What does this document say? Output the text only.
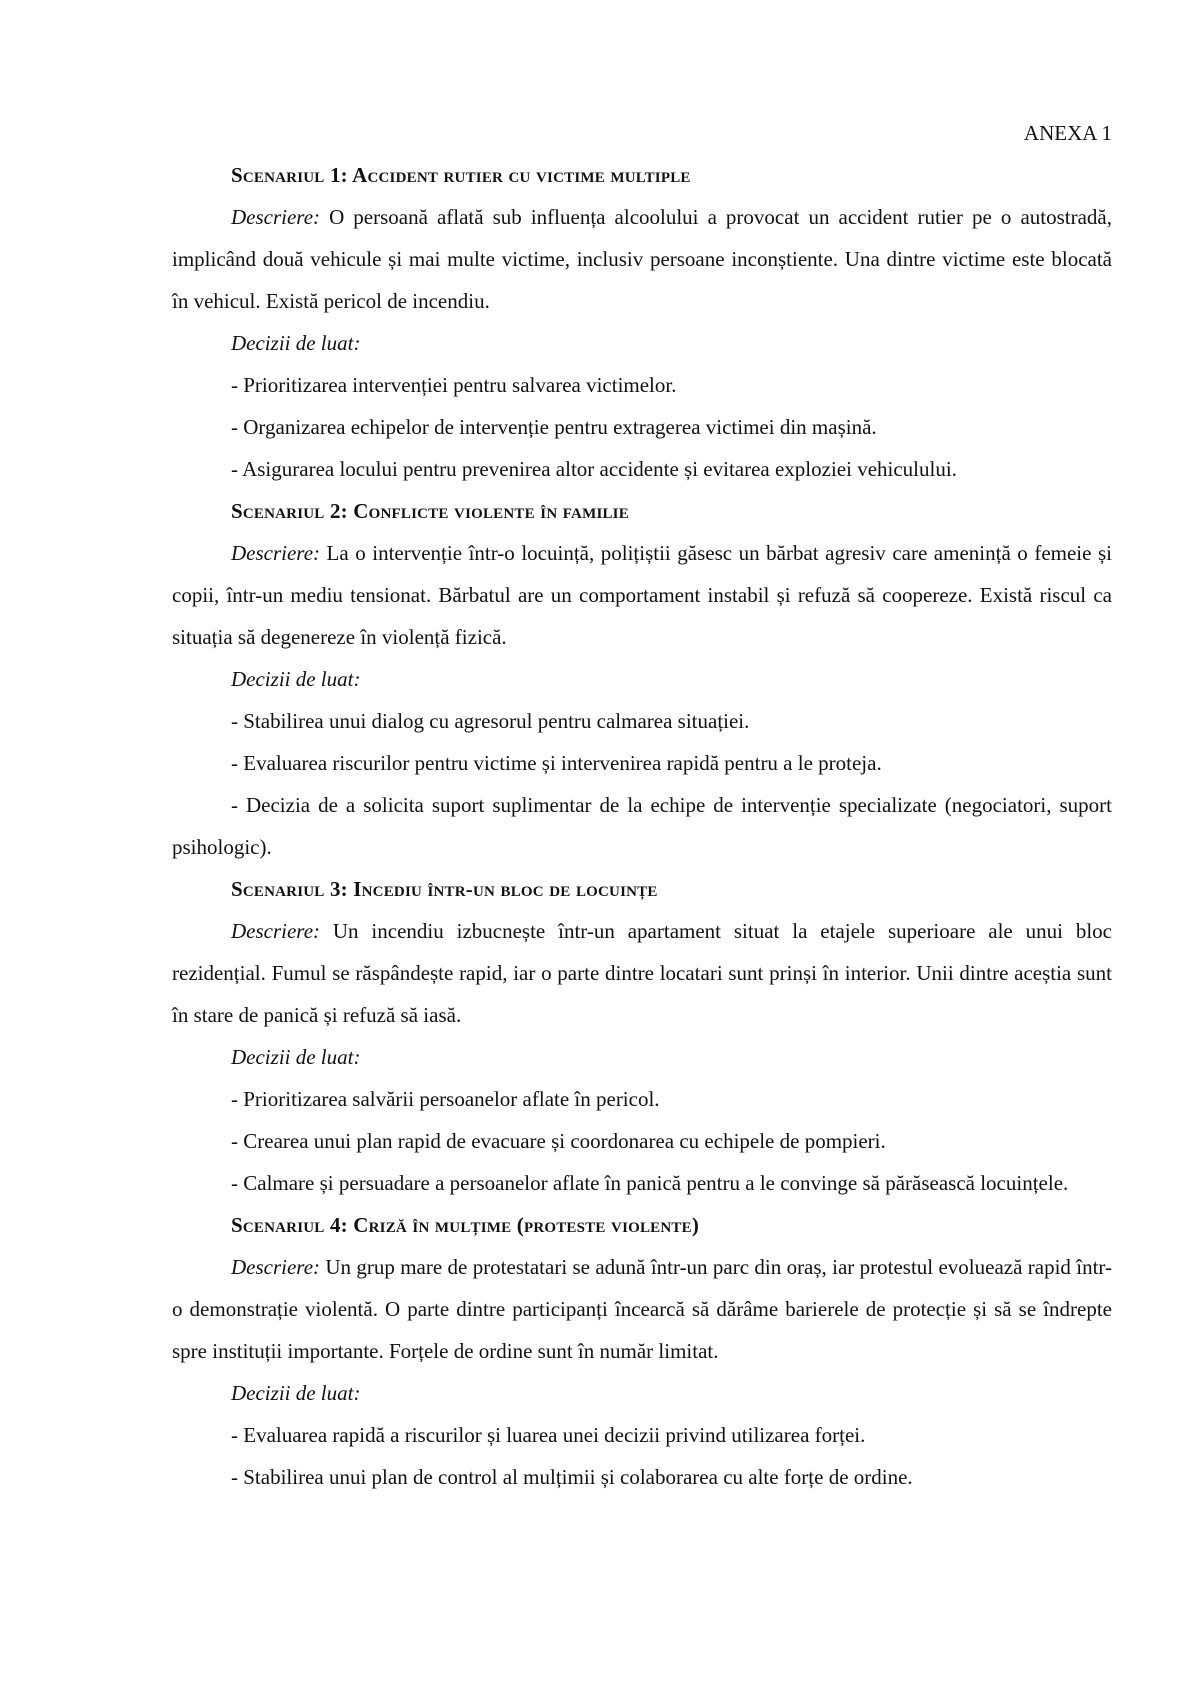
ANEXA 1

Scenariul 1: Accident rutier cu victime multiple

Descriere: O persoană aflată sub influența alcoolului a provocat un accident rutier pe o autostradă, implicând două vehicule și mai multe victime, inclusiv persoane inconștiente. Una dintre victime este blocată în vehicul. Există pericol de incendiu.

Decizii de luat:

- Prioritizarea intervenției pentru salvarea victimelor.

- Organizarea echipelor de intervenție pentru extragerea victimei din mașină.

- Asigurarea locului pentru prevenirea altor accidente și evitarea exploziei vehiculului.

Scenariul 2: Conflicte violente în familie

Descriere: La o intervenție într-o locuință, polițiștii găsesc un bărbat agresiv care amenință o femeie și copii, într-un mediu tensionat. Bărbatul are un comportament instabil și refuză să coopereze. Există riscul ca situația să degenereze în violență fizică.

Decizii de luat:

- Stabilirea unui dialog cu agresorul pentru calmarea situației.

- Evaluarea riscurilor pentru victime și intervenirea rapidă pentru a le proteja.

- Decizia de a solicita suport suplimentar de la echipe de intervenție specializate (negociatori, suport psihologic).

Scenariul 3: Incediu într-un bloc de locuințe

Descriere: Un incendiu izbucnește într-un apartament situat la etajele superioare ale unui bloc rezidențial. Fumul se răspândește rapid, iar o parte dintre locatari sunt prinși în interior. Unii dintre aceștia sunt în stare de panică și refuză să iasă.

Decizii de luat:

- Prioritizarea salvării persoanelor aflate în pericol.

- Crearea unui plan rapid de evacuare și coordonarea cu echipele de pompieri.

- Calmare și persuadare a persoanelor aflate în panică pentru a le convinge să părăsească locuințele.

Scenariul 4: Criză în mulțime (proteste violente)

Descriere: Un grup mare de protestatari se adună într-un parc din oraș, iar protestul evoluează rapid într-o demonstrație violentă. O parte dintre participanți încearcă să dărâme barierele de protecție și să se îndrepte spre instituții importante. Forțele de ordine sunt în număr limitat.

Decizii de luat:

- Evaluarea rapidă a riscurilor și luarea unei decizii privind utilizarea forței.

- Stabilirea unui plan de control al mulțimii și colaborarea cu alte forțe de ordine.
